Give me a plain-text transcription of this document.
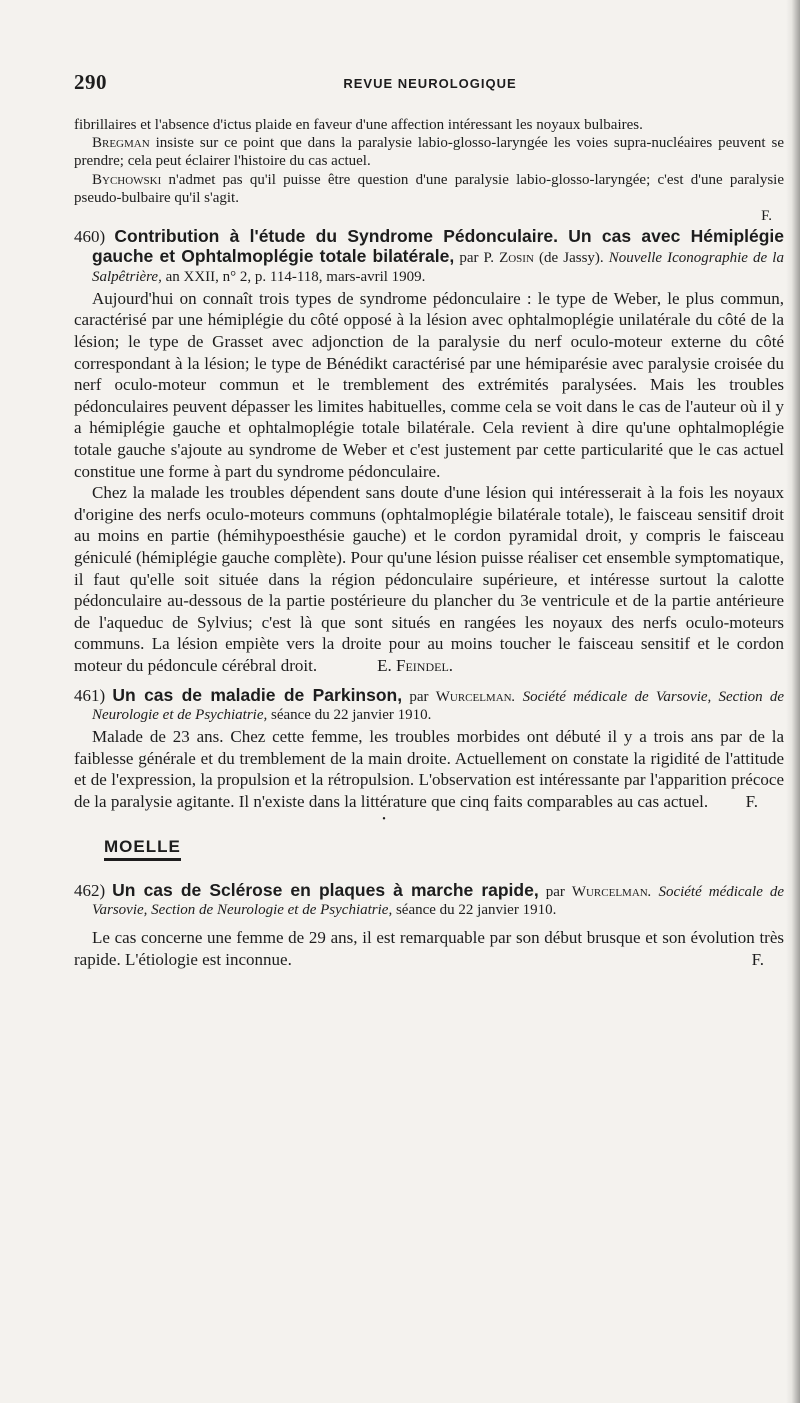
290	REVUE NEUROLOGIQUE

fibrillaires et l'absence d'ictus plaide en faveur d'une affection intéressant les noyaux bulbaires.

Bregman insiste sur ce point que dans la paralysie labio-glosso-laryngée les voies supra-nucléaires peuvent se prendre; cela peut éclairer l'histoire du cas actuel.

Bychowski n'admet pas qu'il puisse être question d'une paralysie labio-glosso-laryngée; c'est d'une paralysie pseudo-bulbaire qu'il s'agit.

F.

460) Contribution à l'étude du Syndrome Pédonculaire. Un cas avec Hémiplégie gauche et Ophtalmoplégie totale bilatérale, par P. Zosin (de Jassy). Nouvelle Iconographie de la Salpêtrière, an XXII, n° 2, p. 114-118, mars-avril 1909.

Aujourd'hui on connaît trois types de syndrome pédonculaire : le type de Weber, le plus commun, caractérisé par une hémiplégie du côté opposé à la lésion avec ophtalmoplégie unilatérale du côté de la lésion; le type de Grasset avec adjonction de la paralysie du nerf oculo-moteur externe du côté correspondant à la lésion; le type de Bénédikt caractérisé par une hémiparésie avec paralysie croisée du nerf oculo-moteur commun et le tremblement des extrémités paralysées. Mais les troubles pédonculaires peuvent dépasser les limites habituelles, comme cela se voit dans le cas de l'auteur où il y a hémiplégie gauche et ophtalmoplégie totale bilatérale. Cela revient à dire qu'une ophtalmoplégie totale gauche s'ajoute au syndrome de Weber et c'est justement par cette particularité que le cas actuel constitue une forme à part du syndrome pédonculaire.

Chez la malade les troubles dépendent sans doute d'une lésion qui intéresserait à la fois les noyaux d'origine des nerfs oculo-moteurs communs (ophtalmoplégie bilatérale totale), le faisceau sensitif droit au moins en partie (hémihypoesthésie gauche) et le cordon pyramidal droit, y compris le faisceau géniculé (hémiplégie gauche complète). Pour qu'une lésion puisse réaliser cet ensemble symptomatique, il faut qu'elle soit située dans la région pédonculaire supérieure, et intéresse surtout la calotte pédonculaire au-dessous de la partie postérieure du plancher du 3e ventricule et de la partie antérieure de l'aqueduc de Sylvius; c'est là que sont situés en rangées les noyaux des nerfs oculo-moteurs communs. La lésion empiète vers la droite pour au moins toucher le faisceau sensitif et le cordon moteur du pédoncule cérébral droit.	E. Feindel.

461) Un cas de maladie de Parkinson, par Wurcelman. Société médicale de Varsovie, Section de Neurologie et de Psychiatrie, séance du 22 janvier 1910.

Malade de 23 ans. Chez cette femme, les troubles morbides ont débuté il y a trois ans par de la faiblesse générale et du tremblement de la main droite. Actuellement on constate la rigidité de l'attitude et de l'expression, la propulsion et la rétropulsion. L'observation est intéressante par l'apparition précoce de la paralysie agitante. Il n'existe dans la littérature que cinq faits comparables au cas actuel.	F.

•
MOELLE

462) Un cas de Sclérose en plaques à marche rapide, par Wurcelman. Société médicale de Varsovie, Section de Neurologie et de Psychiatrie, séance du 22 janvier 1910.

Le cas concerne une femme de 29 ans, il est remarquable par son début brusque et son évolution très rapide. L'étiologie est inconnue.	F.
